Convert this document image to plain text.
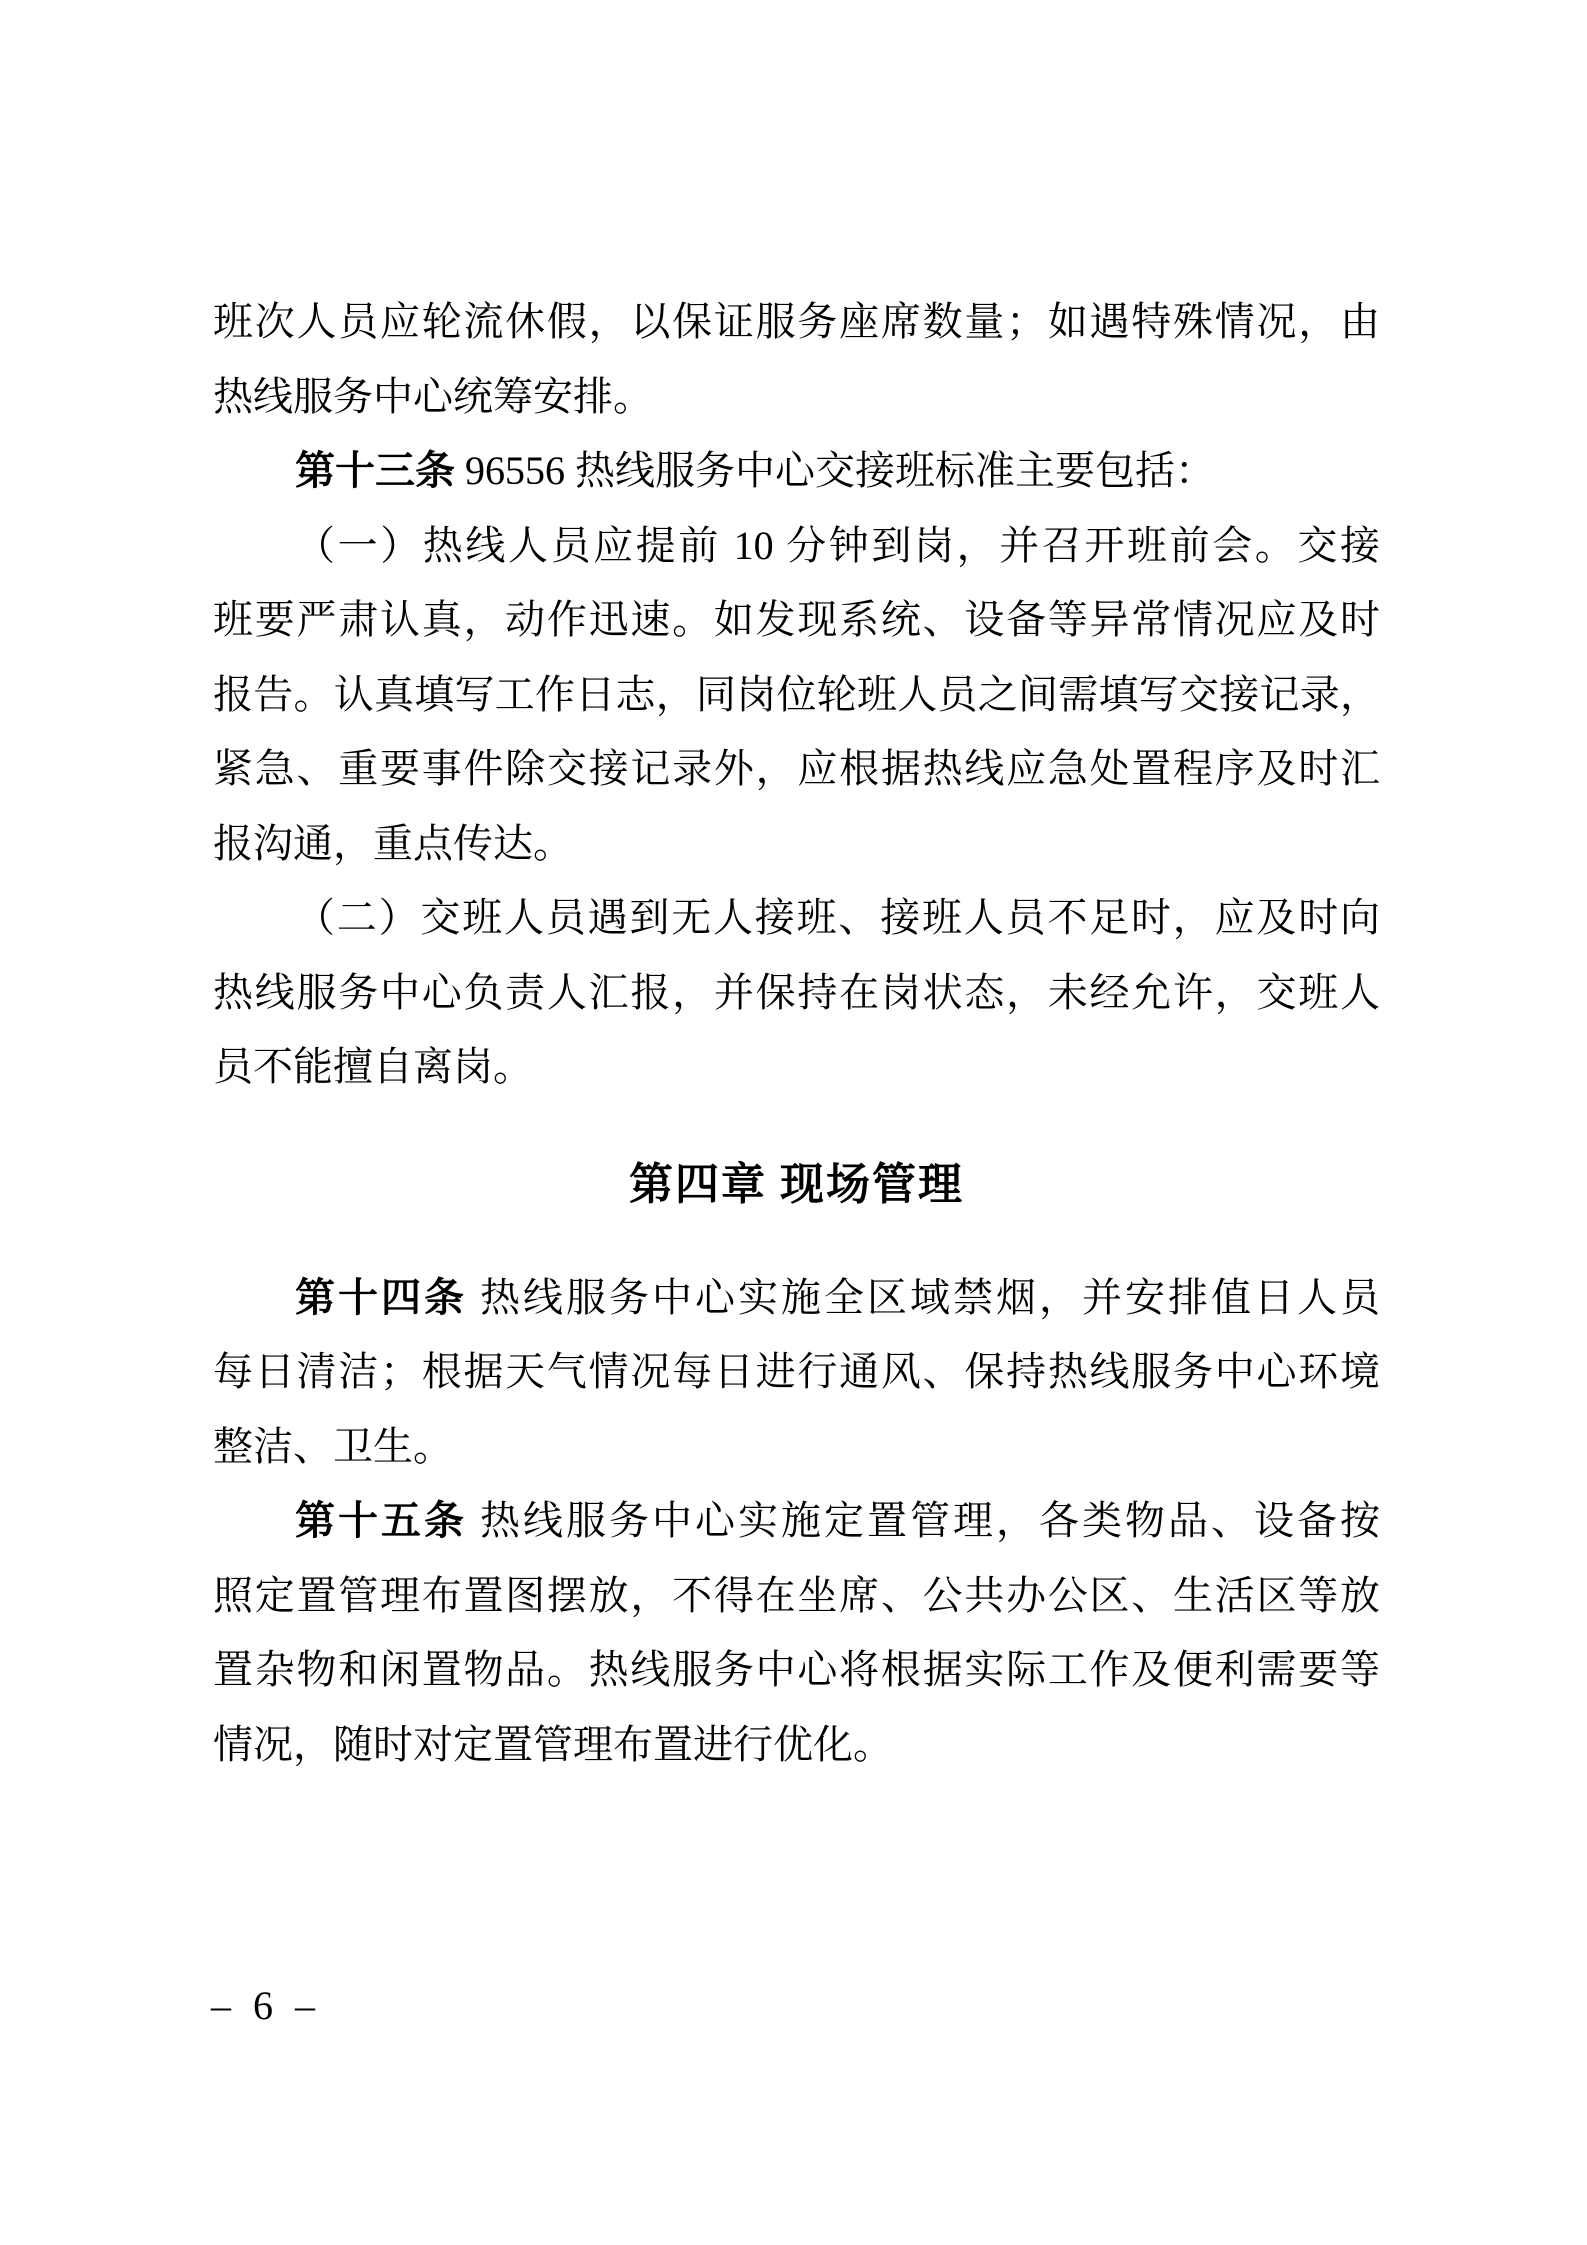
班次人员应轮流休假，以保证服务座席数量；如遇特殊情况，由
热线服务中心统筹安排。
第十三条 96556 热线服务中心交接班标准主要包括：
（一）热线人员应提前 10 分钟到岗，并召开班前会。交接
班要严肃认真，动作迅速。如发现系统、设备等异常情况应及时
报告。认真填写工作日志，同岗位轮班人员之间需填写交接记录，
紧急、重要事件除交接记录外，应根据热线应急处置程序及时汇
报沟通，重点传达。
（二）交班人员遇到无人接班、接班人员不足时，应及时向
热线服务中心负责人汇报，并保持在岗状态，未经允许，交班人
员不能擅自离岗。
第四章 现场管理
第十四条 热线服务中心实施全区域禁烟，并安排值日人员
每日清洁；根据天气情况每日进行通风、保持热线服务中心环境
整洁、卫生。
第十五条 热线服务中心实施定置管理，各类物品、设备按
照定置管理布置图摆放，不得在坐席、公共办公区、生活区等放
置杂物和闲置物品。热线服务中心将根据实际工作及便利需要等
情况，随时对定置管理布置进行优化。
– 6 –
